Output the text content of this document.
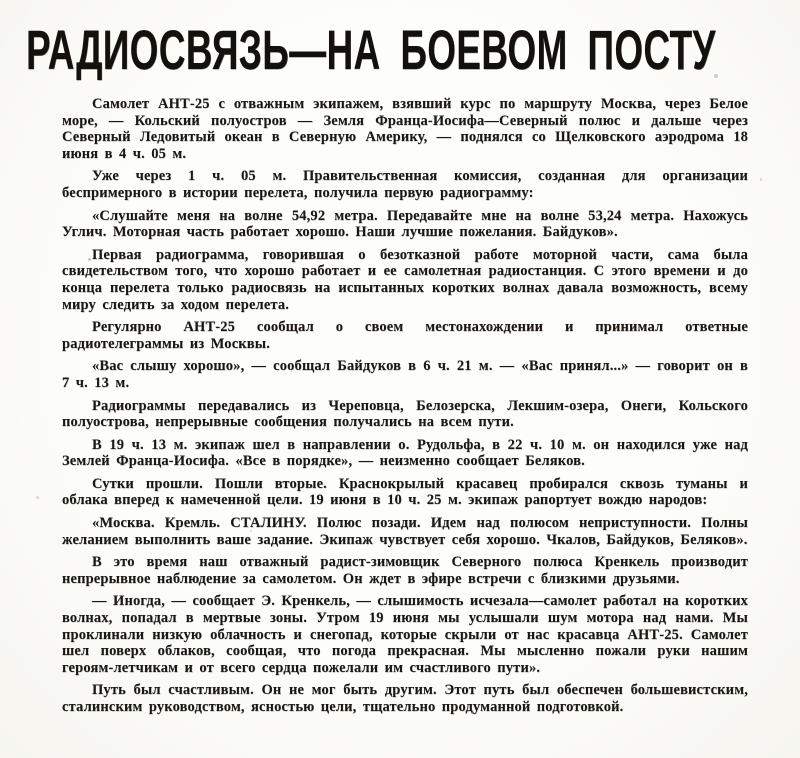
РАДИОСВЯЗЬ—НА БОЕВОМ ПОСТУ

Самолет АНТ-25 с отважным экипажем, взявший курс по маршруту Москва, через Белое море, — Кольский полуостров — Земля Франца-Иосифа—Северный полюс и дальше через Северный Ледовитый океан в Северную Америку, — поднялся со Щелковского аэродрома 18 июня в 4 ч. 05 м.

Уже через 1 ч. 05 м. Правительственная комиссия, созданная для организации беспримерного в истории перелета, получила первую радиограмму:

«Слушайте меня на волне 54,92 метра. Передавайте мне на волне 53,24 метра. Нахожусь Углич. Моторная часть работает хорошо. Наши лучшие пожелания. Байдуков».

Первая радиограмма, говорившая о безотказной работе моторной части, сама была свидетельством того, что хорошо работает и ее самолетная радиостанция. С этого времени и до конца перелета только радиосвязь на испытанных коротких волнах давала возможность, всему миру следить за ходом перелета.

Регулярно АНТ-25 сообщал о своем местонахождении и принимал ответные радиотелеграммы из Москвы.

«Вас слышу хорошо», — сообщал Байдуков в 6 ч. 21 м. — «Вас принял...» — говорит он в 7 ч. 13 м.

Радиограммы передавались из Череповца, Белозерска, Лекшим-озера, Онеги, Кольского полуострова, непрерывные сообщения получались на всем пути.

В 19 ч. 13 м. экипаж шел в направлении о. Рудольфа, в 22 ч. 10 м. он находился уже над Землей Франца-Иосифа. «Все в порядке», — неизменно сообщает Беляков.

Сутки прошли. Пошли вторые. Краснокрылый красавец пробирался сквозь туманы и облака вперед к намеченной цели. 19 июня в 10 ч. 25 м. экипаж рапортует вождю народов:

«Москва. Кремль. СТАЛИНУ. Полюс позади. Идем над полюсом неприступности. Полны желанием выполнить ваше задание. Экипаж чувствует себя хорошо. Чкалов, Байдуков, Беляков».

В это время наш отважный радист-зимовщик Северного полюса Кренкель производит непрерывное наблюдение за самолетом. Он ждет в эфире встречи с близкими друзьями.

— Иногда, — сообщает Э. Кренкель, — слышимость исчезала—самолет работал на коротких волнах, попадал в мертвые зоны. Утром 19 июня мы услышали шум мотора над нами. Мы проклинали низкую облачность и снегопад, которые скрыли от нас красавца АНТ-25. Самолет шел поверх облаков, сообщая, что погода прекрасная. Мы мысленно пожали руки нашим героям-летчикам и от всего сердца пожелали им счастливого пути».

Путь был счастливым. Он не мог быть другим. Этот путь был обеспечен большевистским, сталинским руководством, ясностью цели, тщательно продуманной подготовкой.
